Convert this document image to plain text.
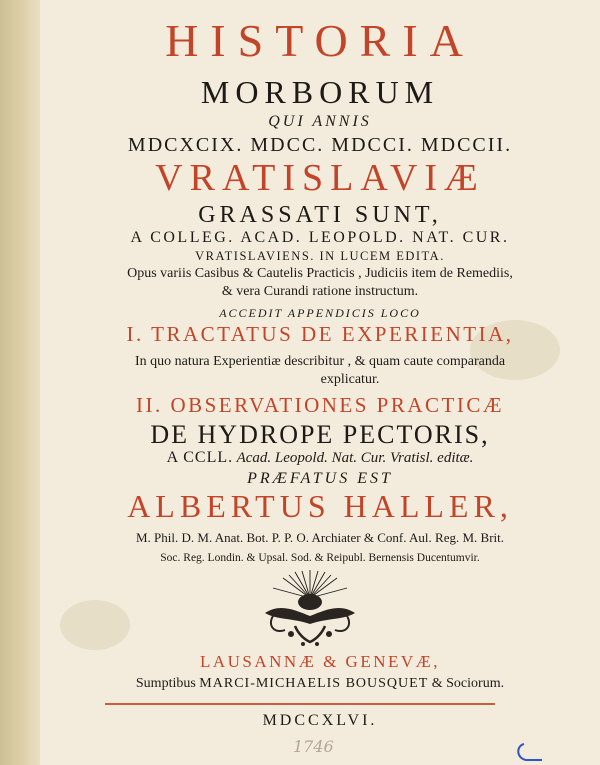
HISTORIA
MORBORUM
QUI ANNIS
MDCXCIX. MDCC. MDCCI. MDCCII.
VRATISLAVIÆ
GRASSATI SUNT,
A COLLEG. ACAD. LEOPOLD. NAT. CUR.
VRATISLAVIENS. IN LUCEM EDITA.
Opus variis Casibus & Cautelis Practicis , Judiciis item de Remediis,
& vera Curandi ratione instructum.
ACCEDIT APPENDICIS LOCO
I. TRACTATUS DE EXPERIENTIA,
In quo natura Experientiæ describitur , & quam caute comparanda
explicatur.
II. OBSERVATIONES PRACTICÆ
DE HYDROPE PECTORIS,
A CCLL. Acad. Leopold. Nat. Cur. Vratisl. editæ.
PRÆFATUS EST
ALBERTUS HALLER,
M. Phil. D. M. Anat. Bot. P. P. O. Archiater & Conf. Aul. Reg. M. Brit.
Soc. Reg. Londin. & Upsal. Sod. & Reipubl. Bernensis Ducentumvir.
LAUSANNÆ & GENEVÆ,
Sumptibus MARCI-MICHAELIS BOUSQUET & Sociorum.
MDCCXLVI.
1746
